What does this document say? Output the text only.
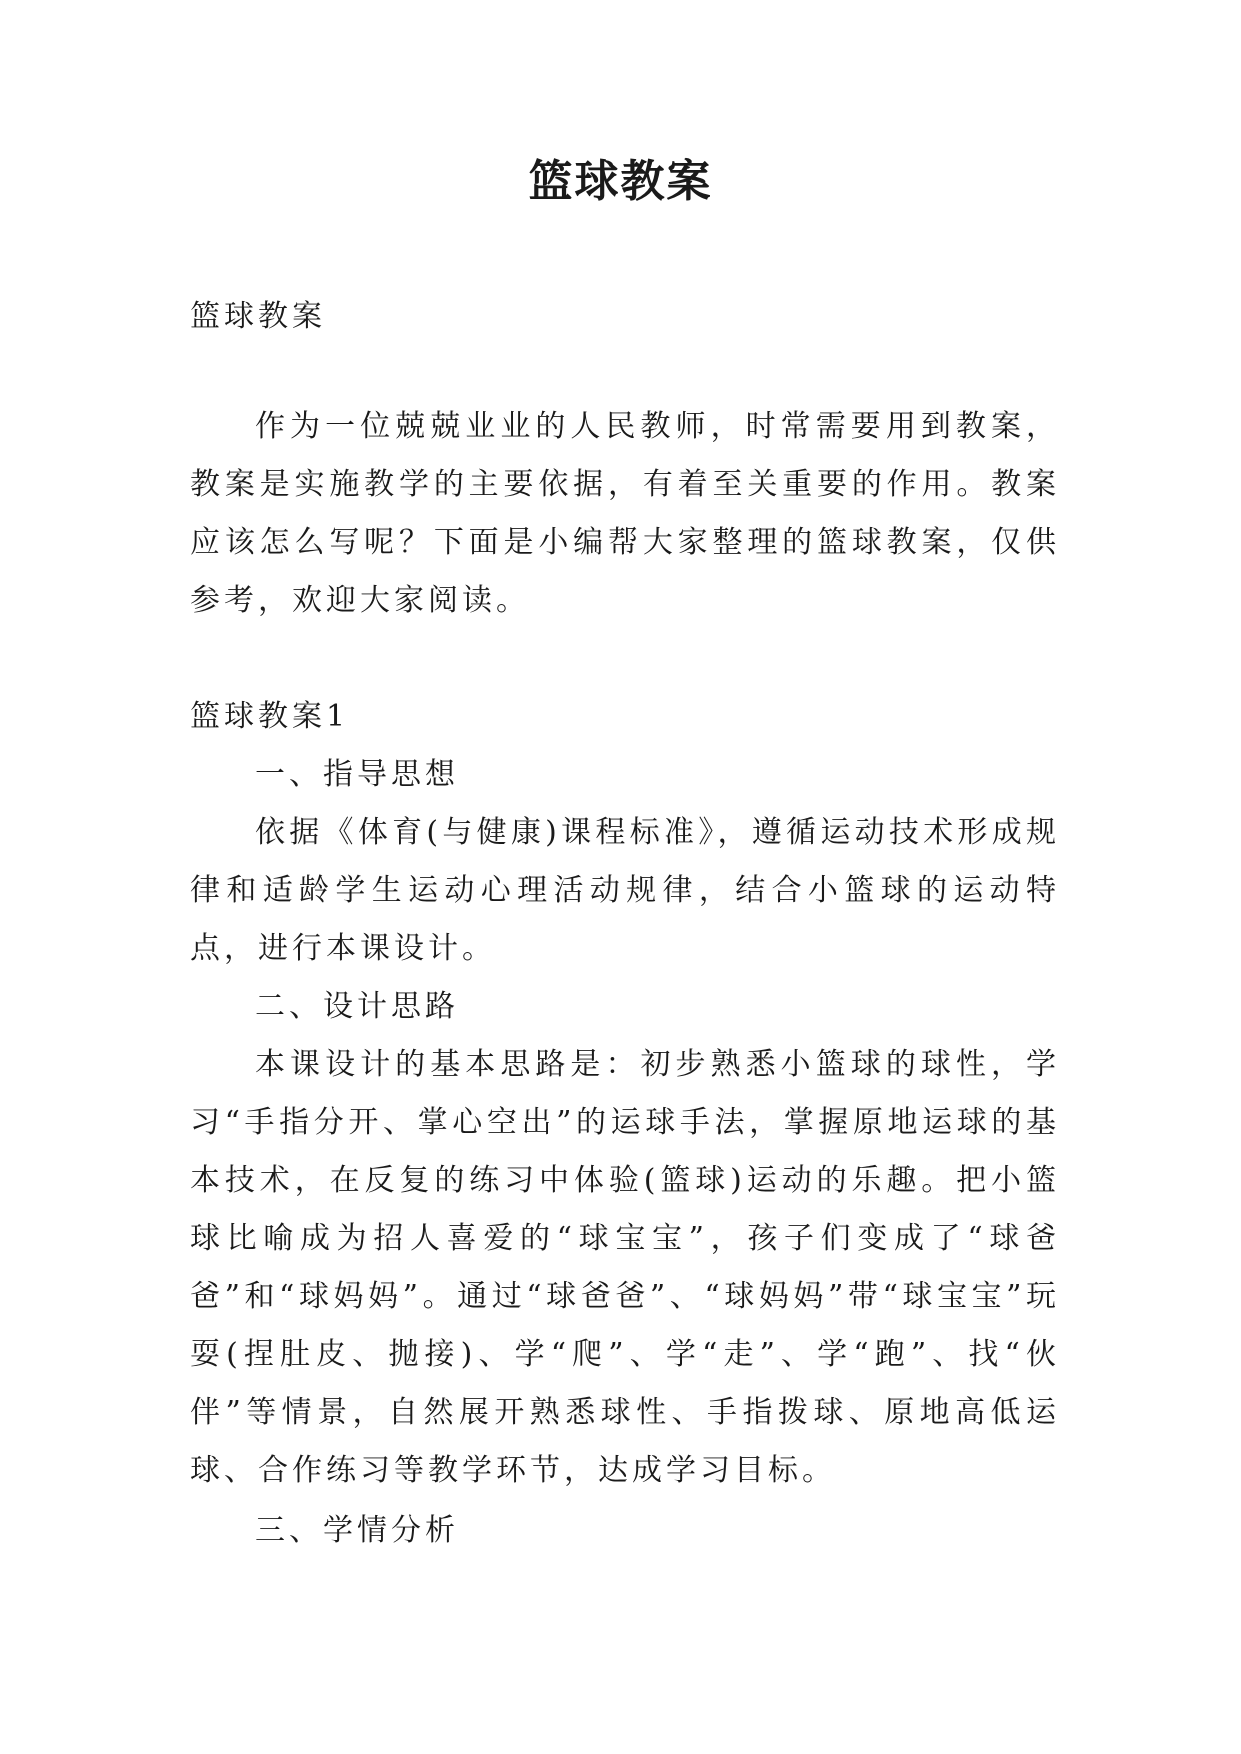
篮球教案

篮球教案

作为一位兢兢业业的人民教师，时常需要用到教案，教案是实施教学的主要依据，有着至关重要的作用。教案应该怎么写呢？下面是小编帮大家整理的篮球教案，仅供参考，欢迎大家阅读。

篮球教案1

一、指导思想

依据《体育(与健康)课程标准》，遵循运动技术形成规律和适龄学生运动心理活动规律，结合小篮球的运动特点，进行本课设计。

二、设计思路

本课设计的基本思路是：初步熟悉小篮球的球性，学习“手指分开、掌心空出”的运球手法，掌握原地运球的基本技术，在反复的练习中体验(篮球)运动的乐趣。把小篮球比喻成为招人喜爱的“球宝宝”，孩子们变成了“球爸爸”和“球妈妈”。通过“球爸爸”、“球妈妈”带“球宝宝”玩耍(捏肚皮、抛接)、学“爬”、学“走”、学“跑”、找“伙伴”等情景，自然展开熟悉球性、手指拨球、原地高低运球、合作练习等教学环节，达成学习目标。

三、学情分析
